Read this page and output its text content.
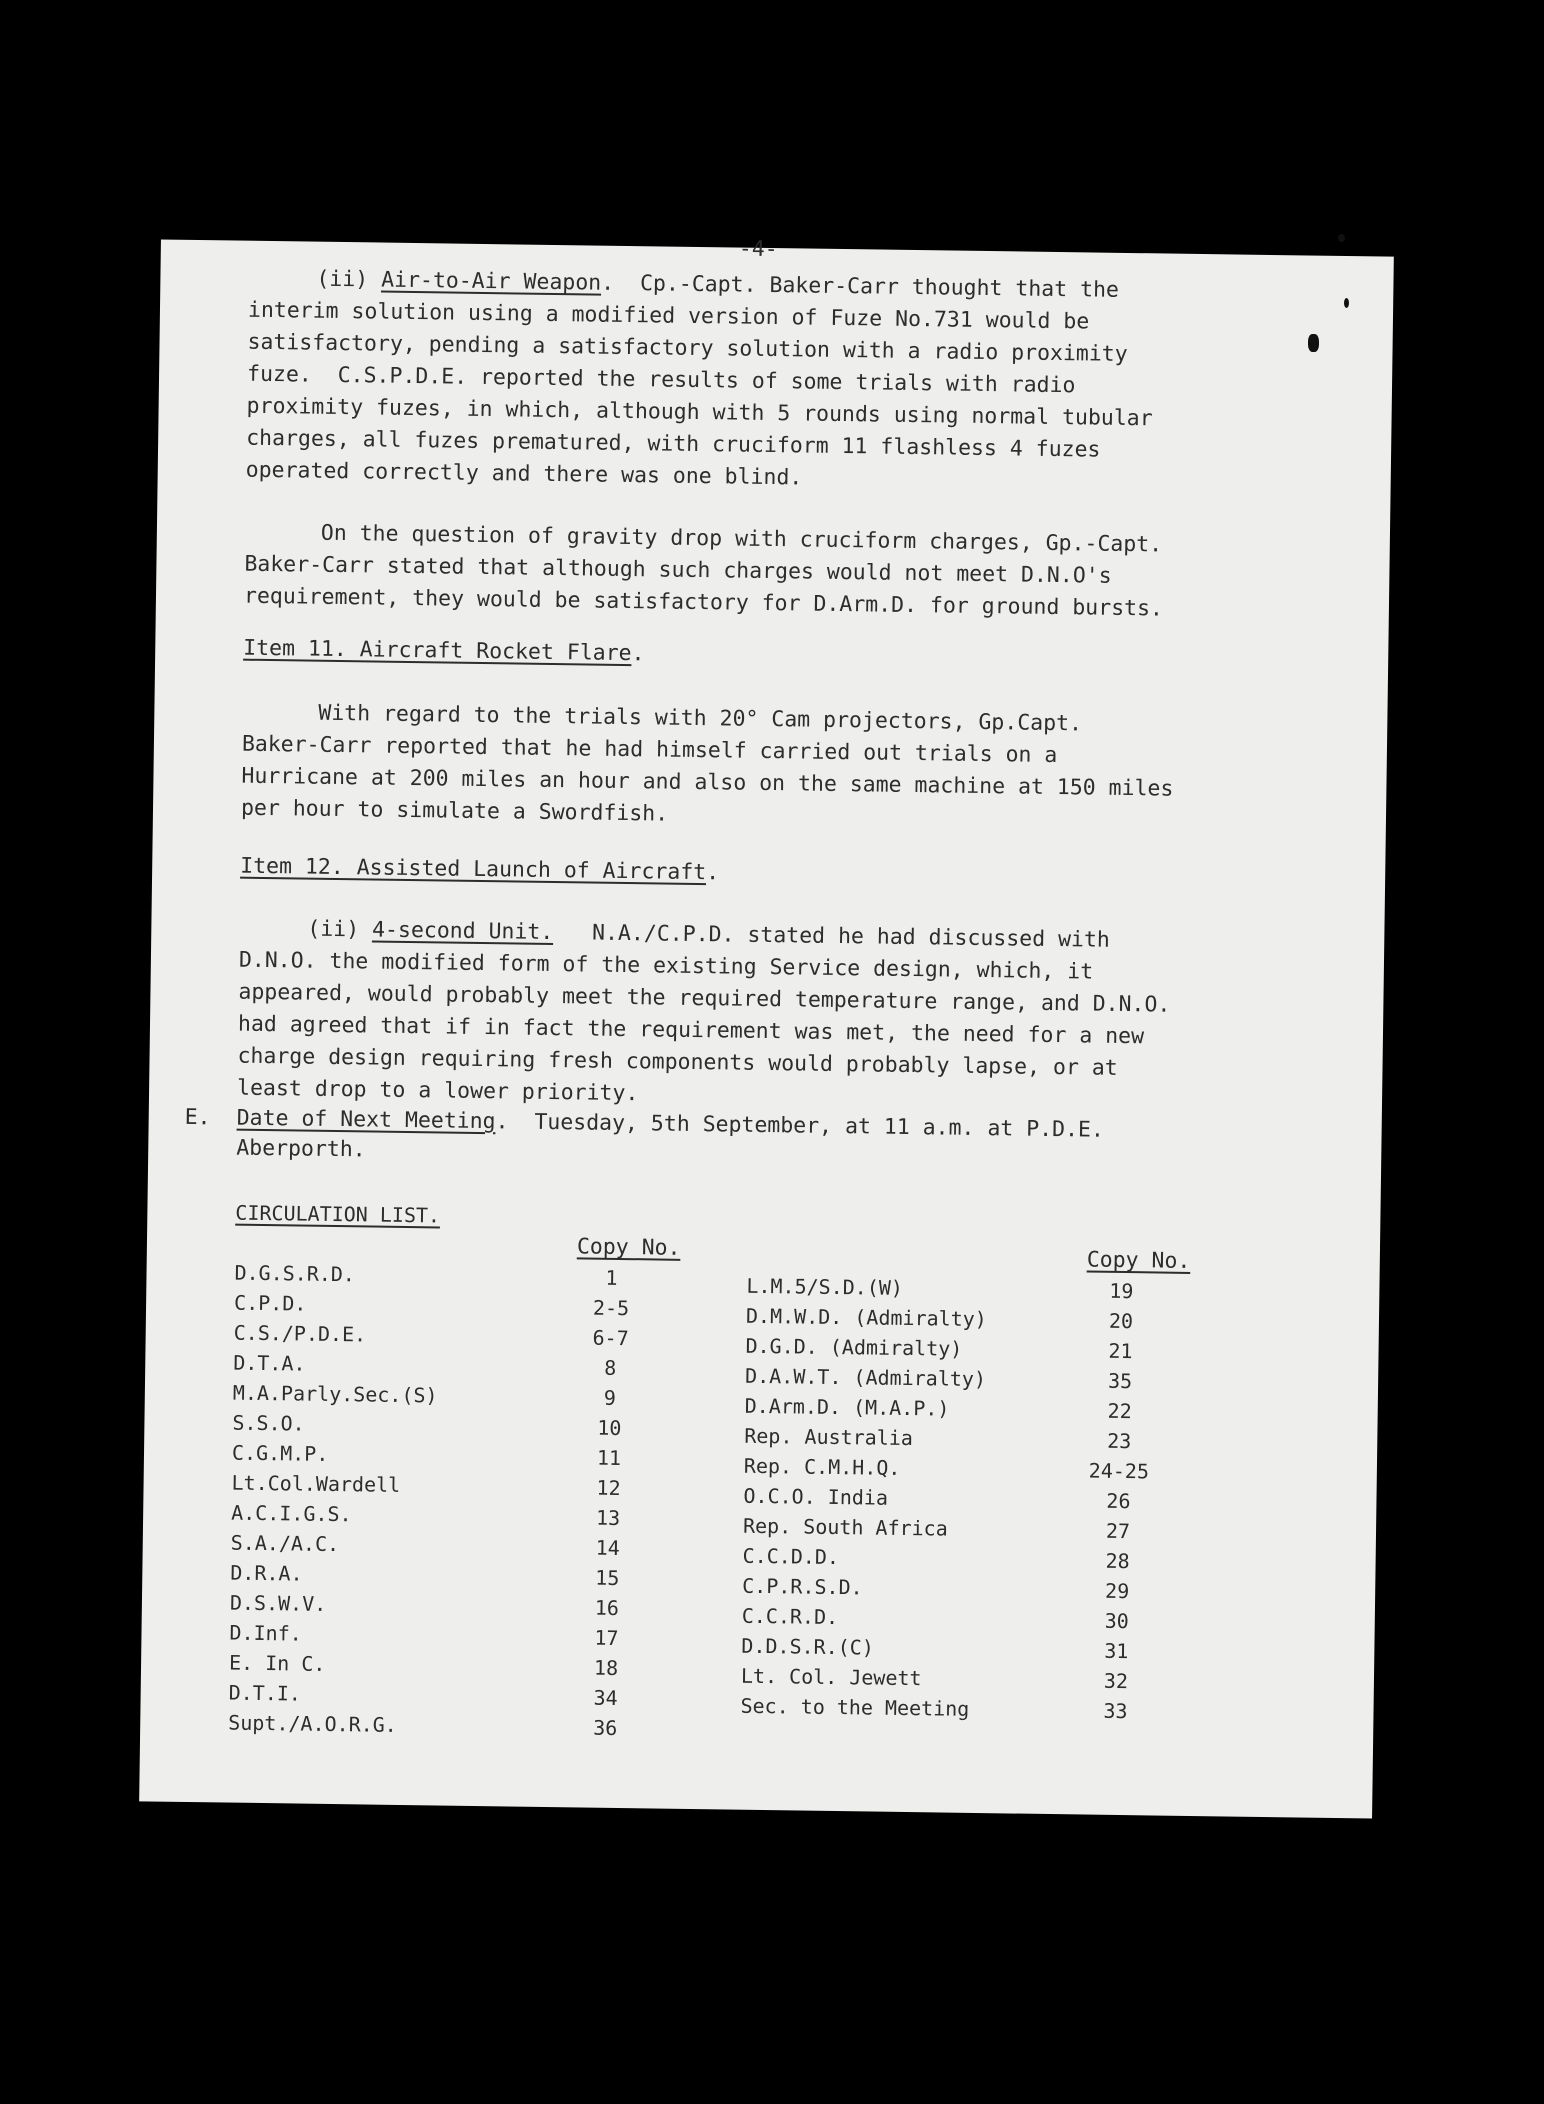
-4-

(ii) Air-to-Air Weapon.  Cp.-Capt. Baker-Carr thought that the

interim solution using a modified version of Fuze No.731 would be

satisfactory, pending a satisfactory solution with a radio proximity

fuze.  C.S.P.D.E. reported the results of some trials with radio

proximity fuzes, in which, although with 5 rounds using normal tubular

charges, all fuzes prematured, with cruciform 11 flashless 4 fuzes

operated correctly and there was one blind.

On the question of gravity drop with cruciform charges, Gp.-Capt.

Baker-Carr stated that although such charges would not meet D.N.O's

requirement, they would be satisfactory for D.Arm.D. for ground bursts.

Item 11. Aircraft Rocket Flare.

With regard to the trials with 20° Cam projectors, Gp.Capt.

Baker-Carr reported that he had himself carried out trials on a

Hurricane at 200 miles an hour and also on the same machine at 150 miles

per hour to simulate a Swordfish.

Item 12. Assisted Launch of Aircraft.

(ii) 4-second Unit. N.A./C.P.D. stated he had discussed with

D.N.O. the modified form of the existing Service design, which, it

appeared, would probably meet the required temperature range, and D.N.O.

had agreed that if in fact the requirement was met, the need for a new

charge design requiring fresh components would probably lapse, or at

least drop to a lower priority.

E. Date of Next Meeting.  Tuesday, 5th September, at 11 a.m. at P.D.E.
Aberporth.
CIRCULATION LIST.
Copy No.	Copy No.
D.G.S.R.D.
C.P.D.
C.S./P.D.E.
D.T.A.
M.A.Parly.Sec.(S)
S.S.O.
C.G.M.P.
Lt.Col.Wardell
A.C.I.G.S.
S.A./A.C.
D.R.A.
D.S.W.V.
D.Inf.
E. In C.
D.T.I.
Supt./A.O.R.G.
1
2-5
6-7
8
9
10
11
12
13
14
15
16
17
18
34
36
L.M.5/S.D.(W)
D.M.W.D. (Admiralty)
D.G.D. (Admiralty)
D.A.W.T. (Admiralty)
D.Arm.D. (M.A.P.)
Rep. Australia
Rep. C.M.H.Q.
O.C.O. India
Rep. South Africa
C.C.D.D.
C.P.R.S.D.
C.C.R.D.
D.D.S.R.(C)
Lt. Col. Jewett
Sec. to the Meeting
19
20
21
35
22
23
24-25
26
27
28
29
30
31
32
33
